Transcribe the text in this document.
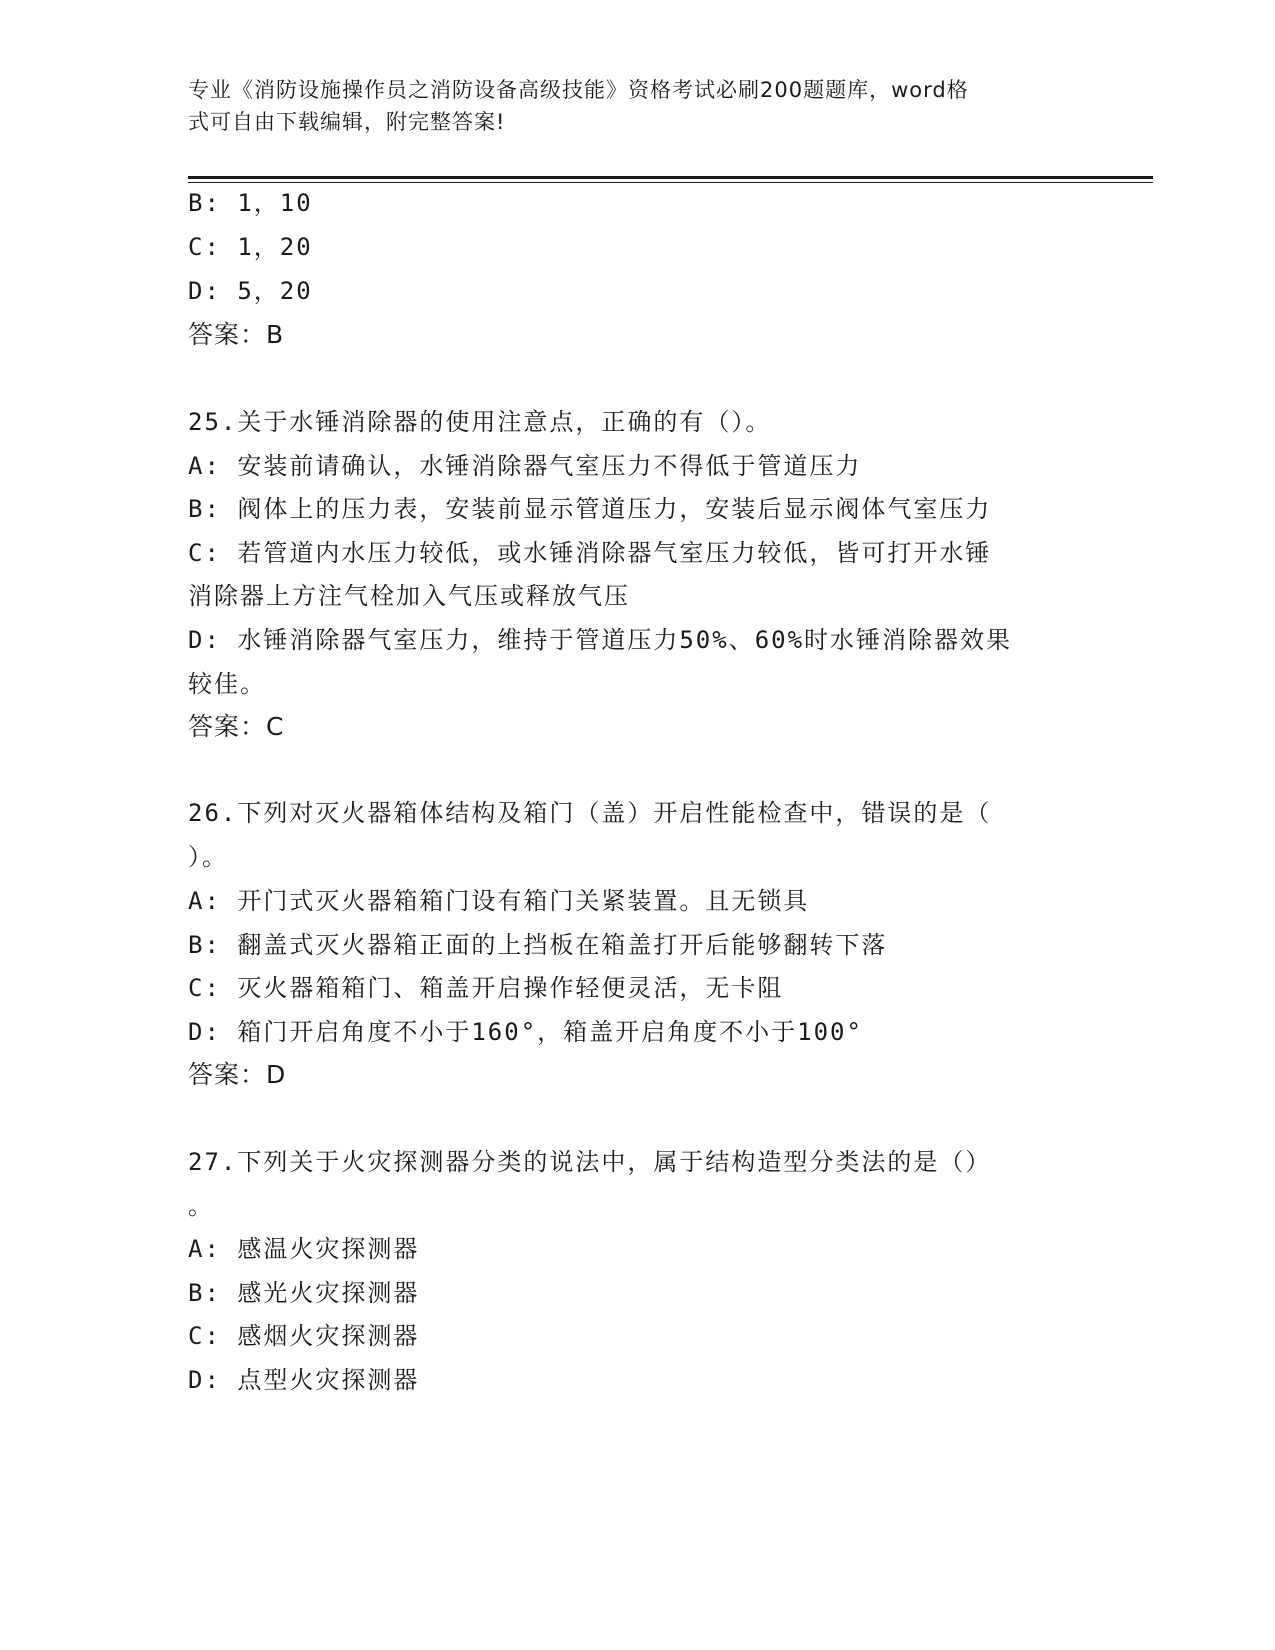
专业《消防设施操作员之消防设备高级技能》资格考试必刷200题题库，word格
式可自由下载编辑，附完整答案!
B: 1，10
C: 1，20
D: 5，20
答案：B
25.关于水锤消除器的使用注意点，正确的有（）。
A: 安装前请确认，水锤消除器气室压力不得低于管道压力
B: 阀体上的压力表，安装前显示管道压力，安装后显示阀体气室压力
C: 若管道内水压力较低，或水锤消除器气室压力较低，皆可打开水锤
消除器上方注气栓加入气压或释放气压
D: 水锤消除器气室压力，维持于管道压力50%、60%时水锤消除器效果
较佳。
答案：C
26.下列对灭火器箱体结构及箱门（盖）开启性能检查中，错误的是（
）。
A: 开门式灭火器箱箱门设有箱门关紧装置。且无锁具
B: 翻盖式灭火器箱正面的上挡板在箱盖打开后能够翻转下落
C: 灭火器箱箱门、箱盖开启操作轻便灵活，无卡阻
D: 箱门开启角度不小于160°，箱盖开启角度不小于100°
答案：D
27.下列关于火灾探测器分类的说法中，属于结构造型分类法的是（）
。
A: 感温火灾探测器
B: 感光火灾探测器
C: 感烟火灾探测器
D: 点型火灾探测器
